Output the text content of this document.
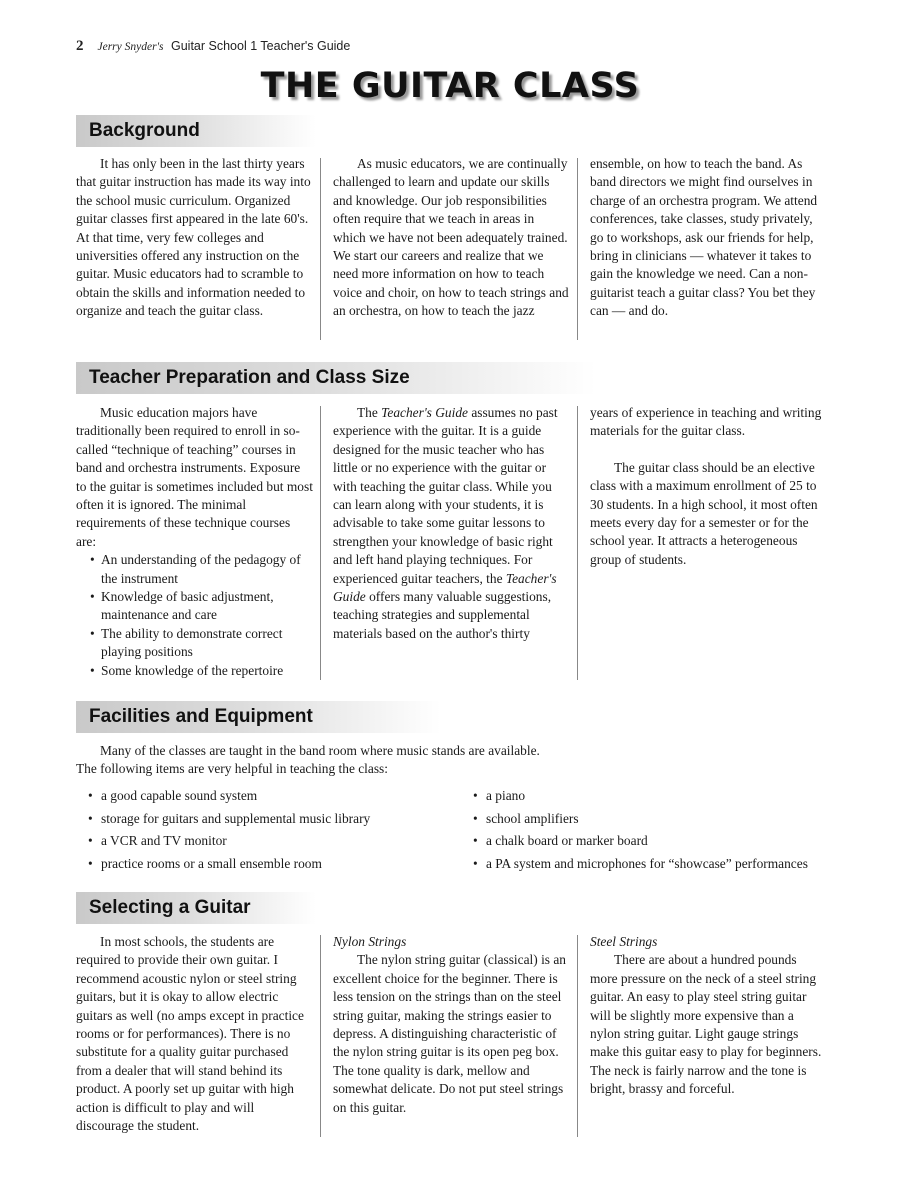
2 Jerry Snyder's Guitar School 1 Teacher's Guide
THE GUITAR CLASS
Background

It has only been in the last thirty years that guitar instruction has made its way into the school music curriculum. Organized guitar classes first appeared in the late 60's. At that time, very few colleges and universities offered any instruction on the guitar. Music educators had to scramble to obtain the skills and information needed to organize and teach the guitar class.

As music educators, we are continually challenged to learn and update our skills and knowledge. Our job responsibilities often require that we teach in areas in which we have not been adequately trained. We start our careers and realize that we need more information on how to teach voice and choir, on how to teach strings and an orchestra, on how to teach the jazz

ensemble, on how to teach the band. As band directors we might find ourselves in charge of an orchestra program. We attend conferences, take classes, study privately, go to workshops, ask our friends for help, bring in clinicians — whatever it takes to gain the knowledge we need. Can a non-guitarist teach a guitar class? You bet they can — and do.

Teacher Preparation and Class Size

Music education majors have traditionally been required to enroll in so-called “technique of teaching” courses in band and orchestra instruments. Exposure to the guitar is sometimes included but most often it is ignored. The minimal requirements of these technique courses are:

• An understanding of the pedagogy of the instrument
• Knowledge of basic adjustment, maintenance and care
• The ability to demonstrate correct playing positions
• Some knowledge of the repertoire

The Teacher's Guide assumes no past experience with the guitar. It is a guide designed for the music teacher who has little or no experience with the guitar or with teaching the guitar class. While you can learn along with your students, it is advisable to take some guitar lessons to strengthen your knowledge of basic right and left hand playing techniques. For experienced guitar teachers, the Teacher's Guide offers many valuable suggestions, teaching strategies and supplemental materials based on the author's thirty

years of experience in teaching and writing materials for the guitar class.

The guitar class should be an elective class with a maximum enrollment of 25 to 30 students. In a high school, it most often meets every day for a semester or for the school year. It attracts a heterogeneous group of students.

Facilities and Equipment

Many of the classes are taught in the band room where music stands are available.

The following items are very helpful in teaching the class:
• a good capable sound system
• storage for guitars and supplemental music library
• a VCR and TV monitor
• practice rooms or a small ensemble room
• a piano
• school amplifiers
• a chalk board or marker board
• a PA system and microphones for “showcase” performances
Selecting a Guitar

In most schools, the students are required to provide their own guitar. I recommend acoustic nylon or steel string guitars, but it is okay to allow electric guitars as well (no amps except in practice rooms or for performances). There is no substitute for a quality guitar purchased from a dealer that will stand behind its product. A poorly set up guitar with high action is difficult to play and will discourage the student.

Nylon Strings

The nylon string guitar (classical) is an excellent choice for the beginner. There is less tension on the strings than on the steel string guitar, making the strings easier to depress. A distinguishing characteristic of the nylon string guitar is its open peg box. The tone quality is dark, mellow and somewhat delicate. Do not put steel strings on this guitar.

Steel Strings

There are about a hundred pounds more pressure on the neck of a steel string guitar. An easy to play steel string guitar will be slightly more expensive than a nylon string guitar. Light gauge strings make this guitar easy to play for beginners. The neck is fairly narrow and the tone is bright, brassy and forceful.
